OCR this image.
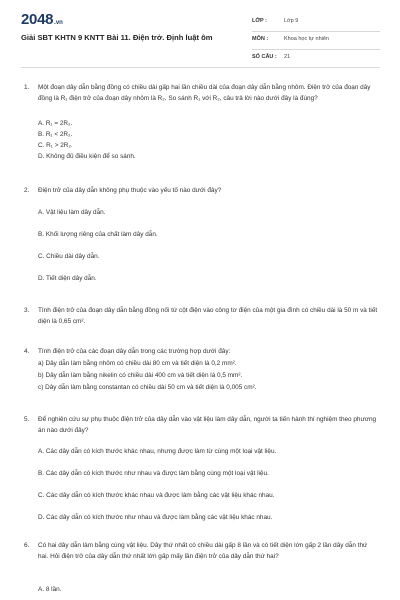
2048 .vn
Giải SBT KHTN 9 KNTT Bài 11. Điện trở. Định luật ôm
LỚP :	Lớp 9
MÔN :	Khoa học tự nhiên
SỐ CÂU : 21
1.	Một đoạn dây dẫn bằng đồng có chiều dài gấp hai lần chiều dài của đoạn dây dẫn bằng nhôm. Điện trở của đoạn dây đồng là R₁ điện trở của đoạn dây nhôm là R₂. So sánh R₁ với R₂, câu trả lời nào dưới đây là đúng?
A. R₁ = 2R₂.
B. R₁ < 2R₂.
C. R₁ > 2R₂.
D. Không đủ điều kiện để so sánh.
2.	Điện trở của dây dẫn không phụ thuộc vào yếu tố nào dưới đây?
A. Vật liệu làm dây dẫn.
B. Khối lượng riêng của chất làm dây dẫn.
C. Chiều dài dây dẫn.
D. Tiết diện dây dẫn.
3.	Tính điện trở của đoạn dây dẫn bằng đồng nối từ cột điện vào công tơ điện của một gia đình có chiều dài là 50 m và tiết diện là 0,65 cm².
4.	Tính điện trở của các đoạn dây dẫn trong các trường hợp dưới đây:
a) Dây dẫn làm bằng nhôm có chiều dài 80 cm và tiết diện là 0,2 mm².
b) Dây dẫn làm bằng nikelin có chiều dài 400 cm và tiết diện là 0,5 mm².
c) Dây dẫn làm bằng constantan có chiều dài 50 cm và tiết diện là 0,005 cm².
5.	Để nghiên cứu sự phụ thuộc điện trở của dây dẫn vào vật liệu làm dây dẫn, người ta tiến hành thí nghiệm theo phương án nào dưới đây?
A. Các dây dẫn có kích thước khác nhau, nhưng được làm từ cùng một loại vật liệu.
B. Các dây dẫn có kích thước như nhau và được làm bằng cùng một loại vật liệu.
C. Các dây dẫn có kích thước khác nhau và được làm bằng các vật liệu khác nhau.
D. Các dây dẫn có kích thước như nhau và được làm bằng các vật liệu khác nhau.
6.	Có hai dây dẫn làm bằng cùng vật liệu. Dây thứ nhất có chiều dài gấp 8 lần và có tiết diện lớn gấp 2 lần dây dẫn thứ hai. Hỏi điện trở của dây dẫn thứ nhất lớn gấp mấy lần điện trở của dây dẫn thứ hai?
A. 8 lần.
